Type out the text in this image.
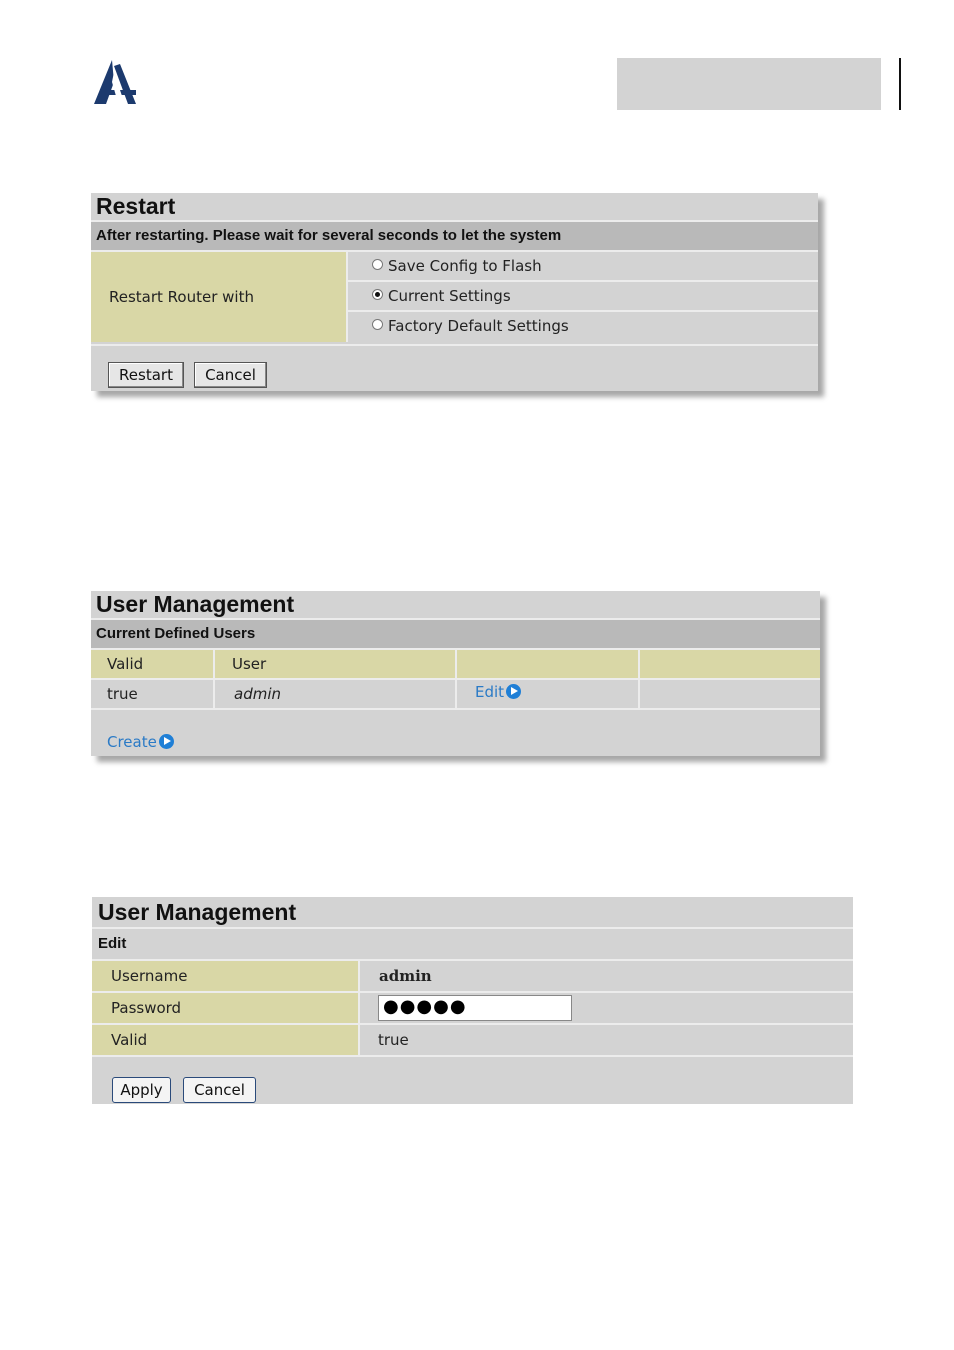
Restart
After restarting. Please wait for several seconds to let the system
Restart Router with
Save Config to Flash
Current Settings
Factory Default Settings
Restart	Cancel
User Management
Current Defined Users
Valid	User
true	admin	Edit
Create
User Management
Edit
Username	admin
Password	●●●●●
Valid	true
Apply	Cancel
